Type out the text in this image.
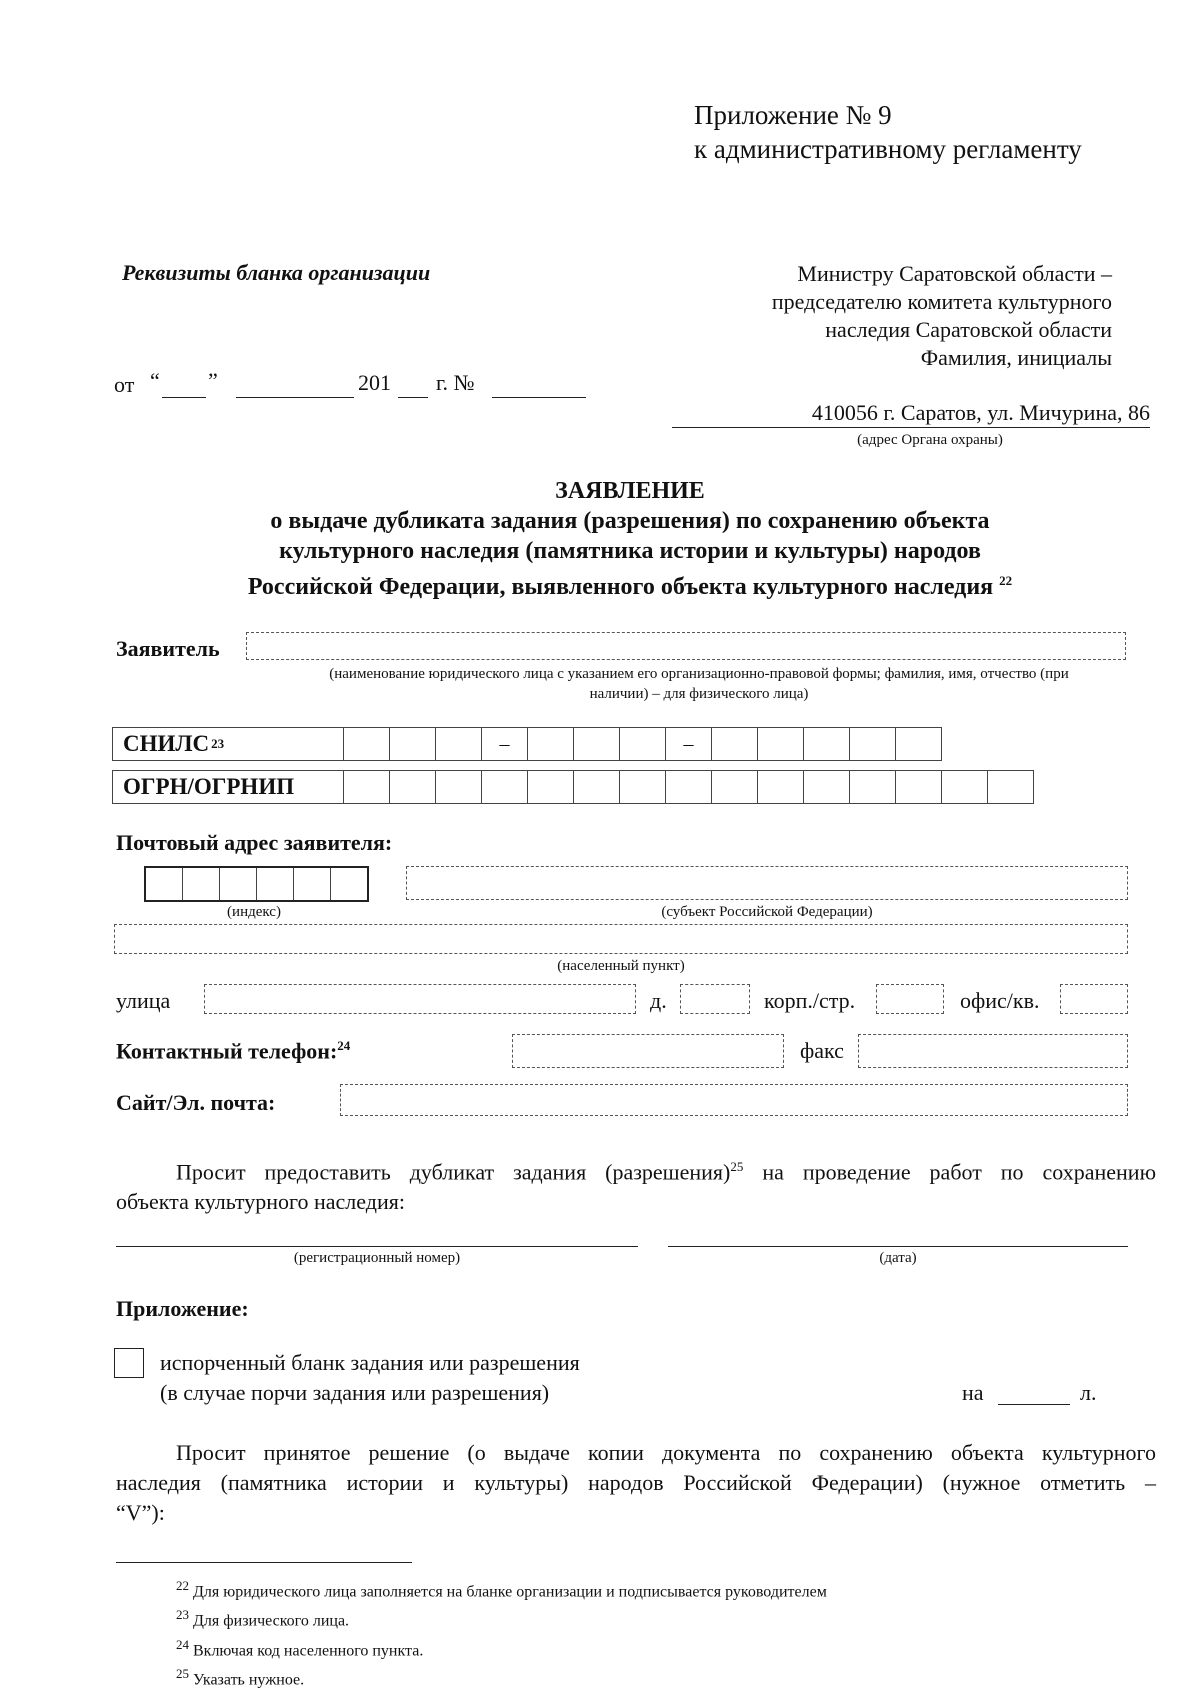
Приложение № 9
к административному регламенту
Реквизиты бланка организации	Министру Саратовской области –
председателю комитета культурного
наследия Саратовской области
Фамилия, инициалы
от “ ”	201 г. №
410056 г. Саратов, ул. Мичурина, 86
(адрес Органа охраны)
ЗАЯВЛЕНИЕ
о выдаче дубликата задания (разрешения) по сохранению объекта
культурного наследия (памятника истории и культуры) народов
Российской Федерации, выявленного объекта культурного наследия $^{22}$
Заявитель
(наименование юридического лица с указанием его организационно-правовой формы; фамилия, имя, отчество (при
наличии) – для физического лица)
СНИЛС 23	–	–
ОГРН/ОГРНИП
Почтовый адрес заявителя:
(индекс)	(субъект Российской Федерации)
(населенный пункт)
улица	д.	корп./стр.	офис/кв.
Контактный телефон:$^{24}$	факс
Сайт/Эл. почта:
Просит предоставить дубликат задания (разрешения)$^{25}$ на проведение работ по сохранению
объекта культурного наследия:
(регистрационный номер)	(дата)
Приложение:
испорченный бланк задания или разрешения
(в случае порчи задания или разрешения)	на	л.
Просит принятое решение (о выдаче копии документа по сохранению объекта культурного
наследия (памятника истории и культуры) народов Российской Федерации) (нужное отметить –
“V”):
$^{22}$ Для юридического лица заполняется на бланке организации и подписывается руководителем
$^{23}$ Для физического лица.
$^{24}$ Включая код населенного пункта.
$^{25}$ Указать нужное.
